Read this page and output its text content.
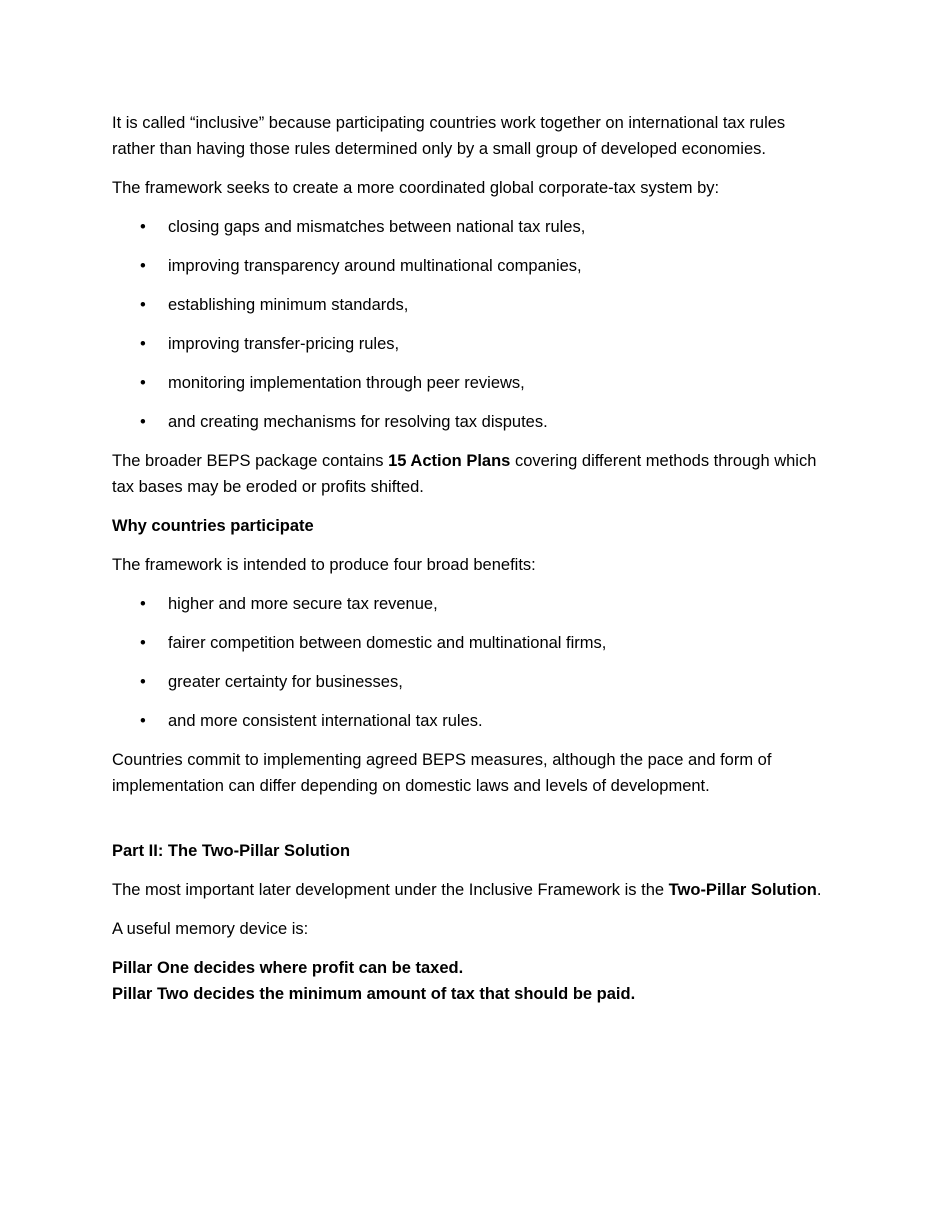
It is called “inclusive” because participating countries work together on international tax rules rather than having those rules determined only by a small group of developed economies.

The framework seeks to create a more coordinated global corporate-tax system by:

• closing gaps and mismatches between national tax rules,
• improving transparency around multinational companies,
• establishing minimum standards,
• improving transfer-pricing rules,
• monitoring implementation through peer reviews,
• and creating mechanisms for resolving tax disputes.

The broader BEPS package contains 15 Action Plans covering different methods through which tax bases may be eroded or profits shifted.

Why countries participate

The framework is intended to produce four broad benefits:

• higher and more secure tax revenue,
• fairer competition between domestic and multinational firms,
• greater certainty for businesses,
• and more consistent international tax rules.

Countries commit to implementing agreed BEPS measures, although the pace and form of implementation can differ depending on domestic laws and levels of development.

Part II: The Two-Pillar Solution

The most important later development under the Inclusive Framework is the Two-Pillar Solution.

A useful memory device is:

Pillar One decides where profit can be taxed.

Pillar Two decides the minimum amount of tax that should be paid.
